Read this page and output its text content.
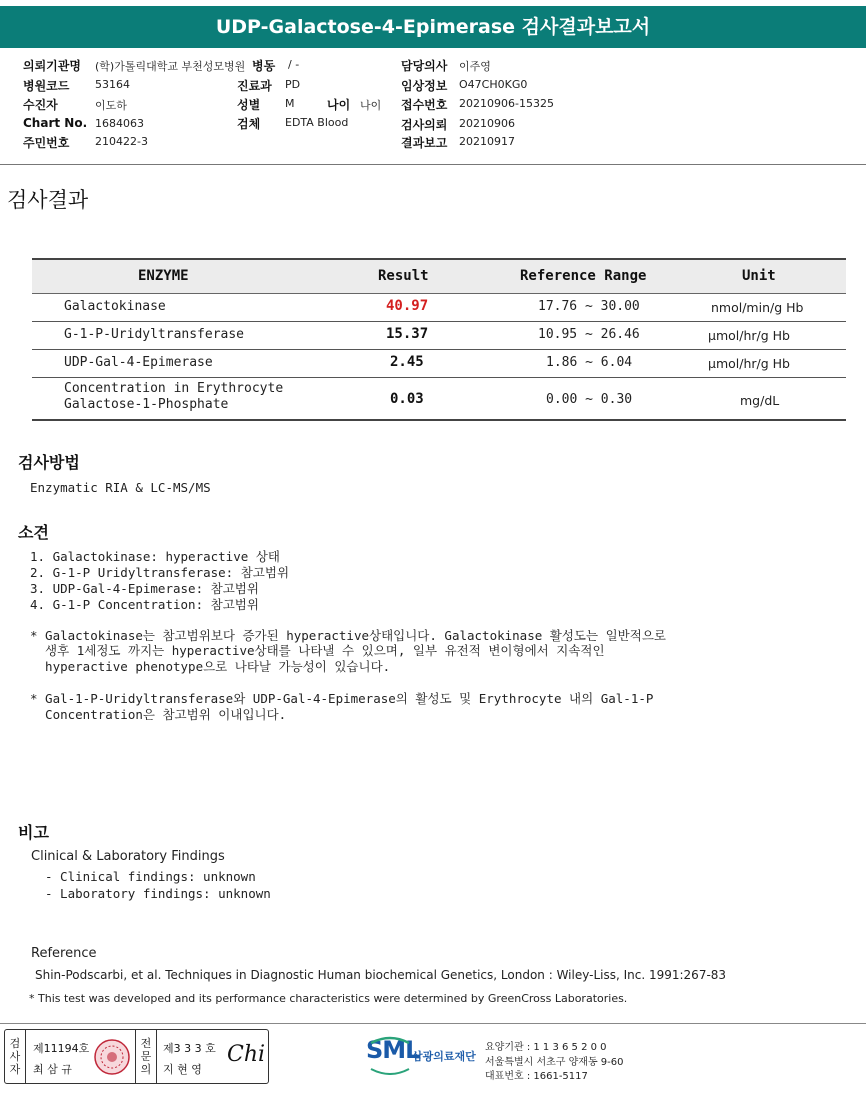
UDP-Galactose-4-Epimerase 검사결과보고서
의뢰기관명 (학)가톨릭대학교 부천성모병원
병원코드 53164
수진자	이도하
Chart No. 1684063
주민번호 210422-3
병동 / -
진료과 PD
성별 M	나이 나이
검체 EDTA Blood
담당의사 이주영
임상정보 O47CH0KG0
접수번호 20210906-15325
검사의뢰 20210906
결과보고 20210917
검사결과
ENZYME	Result	Reference Range	Unit
Galactokinase	40.97	17.76 ~ 30.00	nmol/min/g Hb
G-1-P-Uridyltransferase	15.37	10.95 ~ 26.46	μmol/hr/g Hb
UDP-Gal-4-Epimerase	2.45	1.86 ~ 6.04	μmol/hr/g Hb
Concentration in Erythrocyte
Galactose-1-Phosphate	0.03	0.00 ~ 0.30	mg/dL
검사방법
Enzymatic RIA & LC-MS/MS
소견
1. Galactokinase: hyperactive 상태
2. G-1-P Uridyltransferase: 참고범위
3. UDP-Gal-4-Epimerase: 참고범위
4. G-1-P Concentration: 참고범위
* Galactokinase는 참고범위보다 증가된 hyperactive상태입니다. Galactokinase 활성도는 일반적으로
생후 1세정도 까지는 hyperactive상태를 나타낼 수 있으며, 일부 유전적 변이형에서 지속적인
hyperactive phenotype으로 나타날 가능성이 있습니다.
* Gal-1-P-Uridyltransferase와 UDP-Gal-4-Epimerase의 활성도 및 Erythrocyte 내의 Gal-1-P
Concentration은 참고범위 이내입니다.
비고
Clinical & Laboratory Findings
- Clinical findings: unknown
- Laboratory findings: unknown
Reference
Shin-Podscarbi, et al. Techniques in Diagnostic Human biochemical Genetics, London : Wiley-Liss, Inc. 1991:267-83
* This test was developed and its performance characteristics were determined by GreenCross Laboratories.
검
사
자
제11194호
최 삼 규
전
문
의
제3 3 3 호
지 현 영
Chi	SML
삼광의료재단
요양기관 : 1 1 3 6 5 2 0 0
서울특별시 서초구 양재동 9-60
대표번호 : 1661-5117
